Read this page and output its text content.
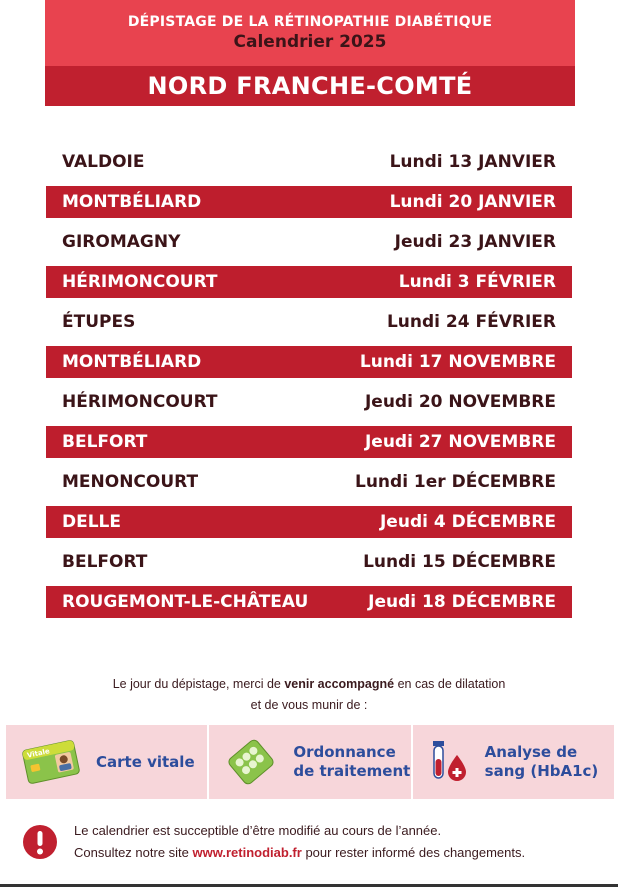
DÉPISTAGE DE LA RÉTINOPATHIE DIABÉTIQUE
Calendrier 2025
NORD FRANCHE-COMTÉ
VALDOIE	Lundi 13 JANVIER
MONTBÉLIARD	Lundi 20 JANVIER
GIROMAGNY	Jeudi 23 JANVIER
HÉRIMONCOURT	Lundi 3 FÉVRIER
ÉTUPES	Lundi 24 FÉVRIER
MONTBÉLIARD	Lundi 17 NOVEMBRE
HÉRIMONCOURT	Jeudi 20 NOVEMBRE
BELFORT	Jeudi 27 NOVEMBRE
MENONCOURT	Lundi 1er DÉCEMBRE
DELLE	Jeudi 4 DÉCEMBRE
BELFORT	Lundi 15 DÉCEMBRE
ROUGEMONT-LE-CHÂTEAU	Jeudi 18 DÉCEMBRE
Le jour du dépistage, merci de venir accompagné en cas de dilatation
et de vous munir de :
Vitale	Carte vitale
Ordonnance
de traitement
Analyse de
sang (HbA1c)
Le calendrier est succeptible d’être modifié au cours de l’année.
Consultez notre site www.retinodiab.fr pour rester informé des changements.
